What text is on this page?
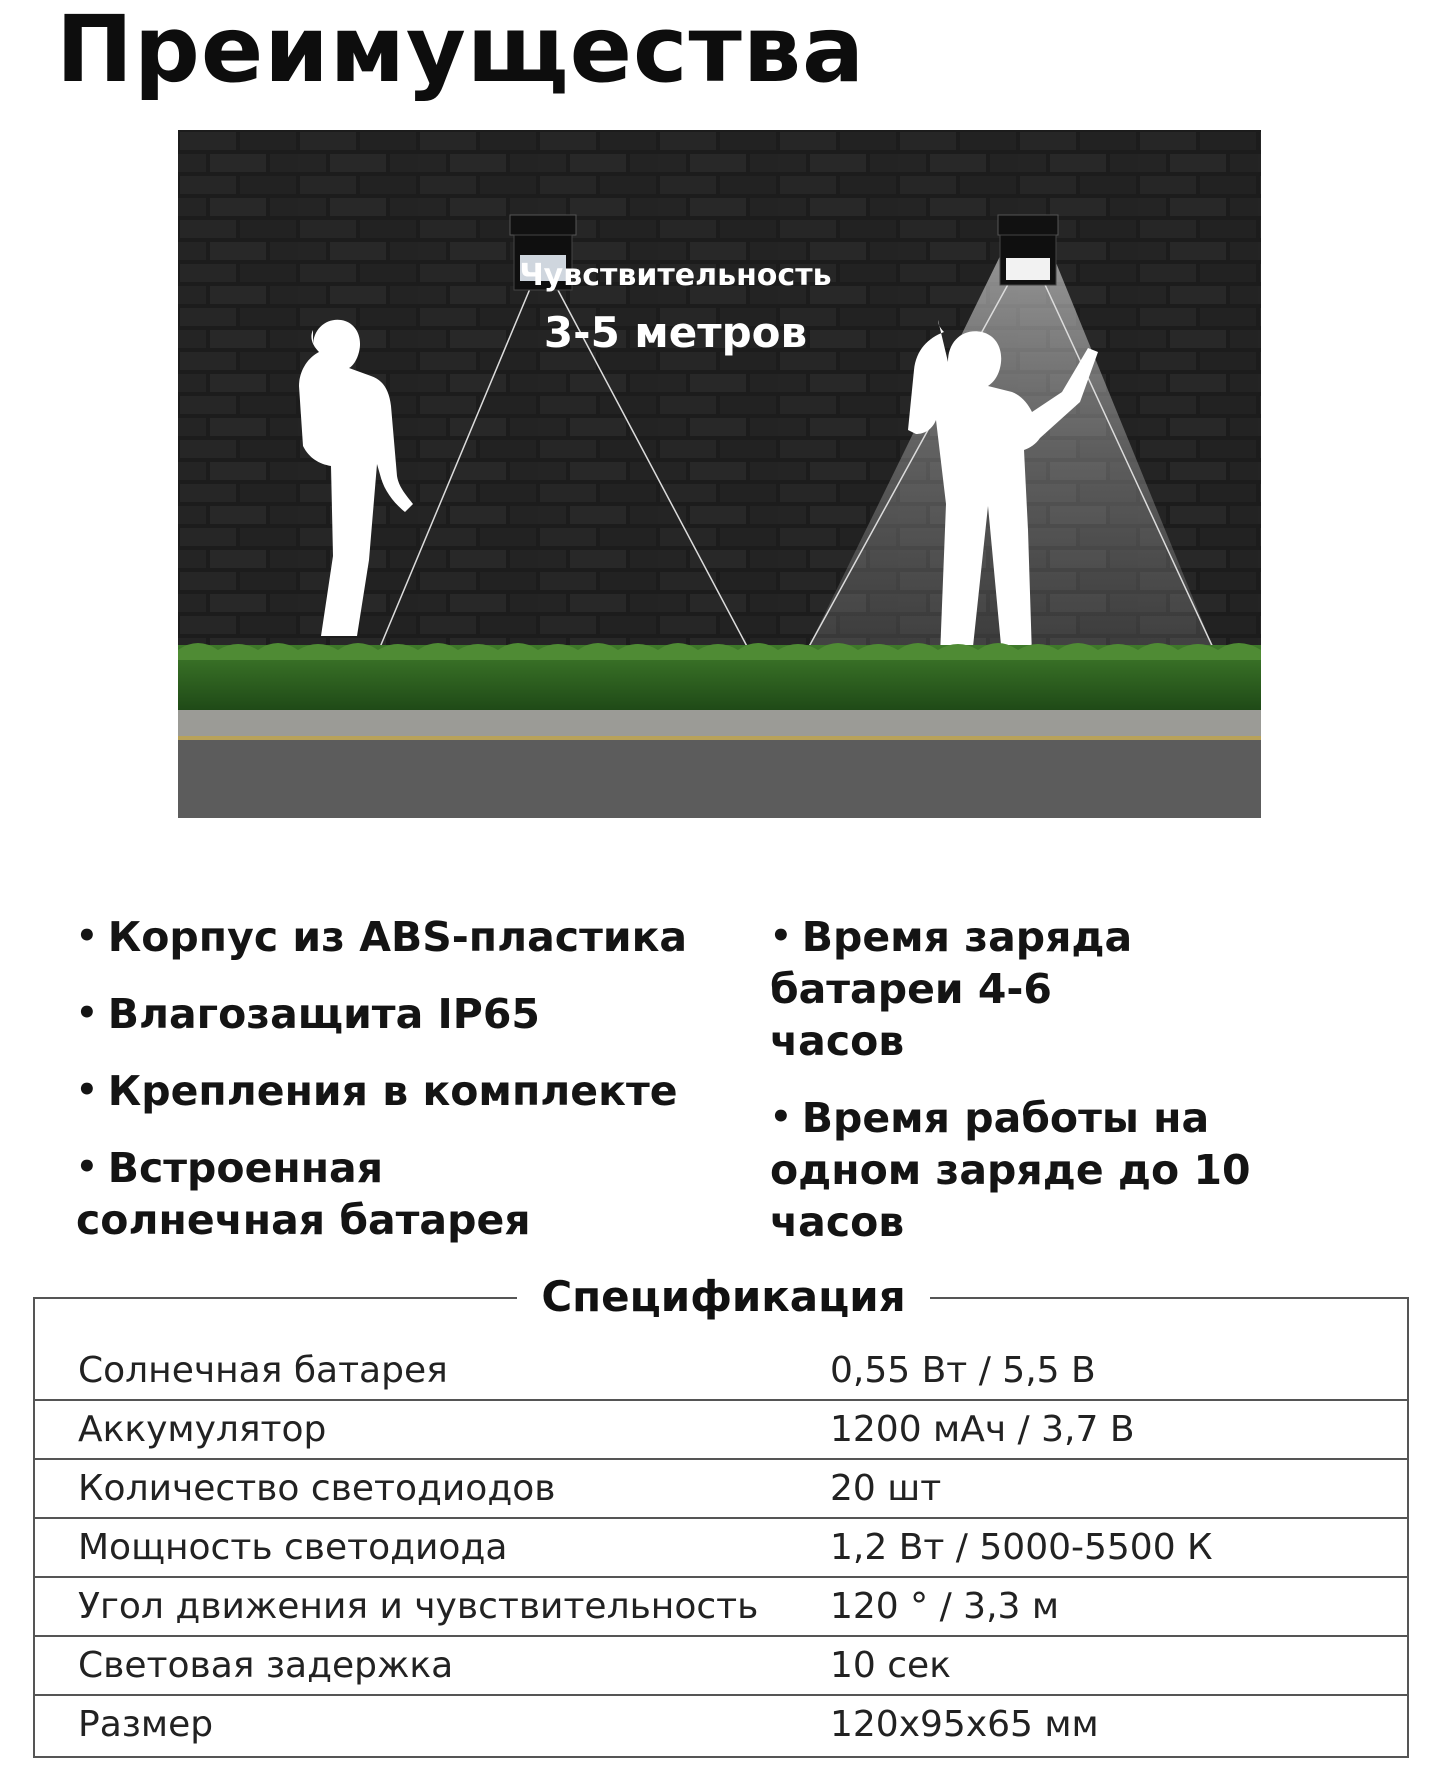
Преимущества
Чувствительность
3-5 метров

• Корпус из ABS-пластика

• Влагозащита IP65

• Крепления в комплекте

• Встроенная солнечная батарея

• Время заряда батареи 4-6 часов

• Время работы на одном заряде до 10 часов

Спецификация
Солнечная батарея	0,55 Вт / 5,5 В
Аккумулятор	1200 мАч / 3,7 В
Количество светодиодов	20 шт
Мощность светодиода	1,2 Вт / 5000-5500 К
Угол движения и чувствительность 120 ° / 3,3 м
Световая задержка	10 сек
Размер	120x95x65 мм
